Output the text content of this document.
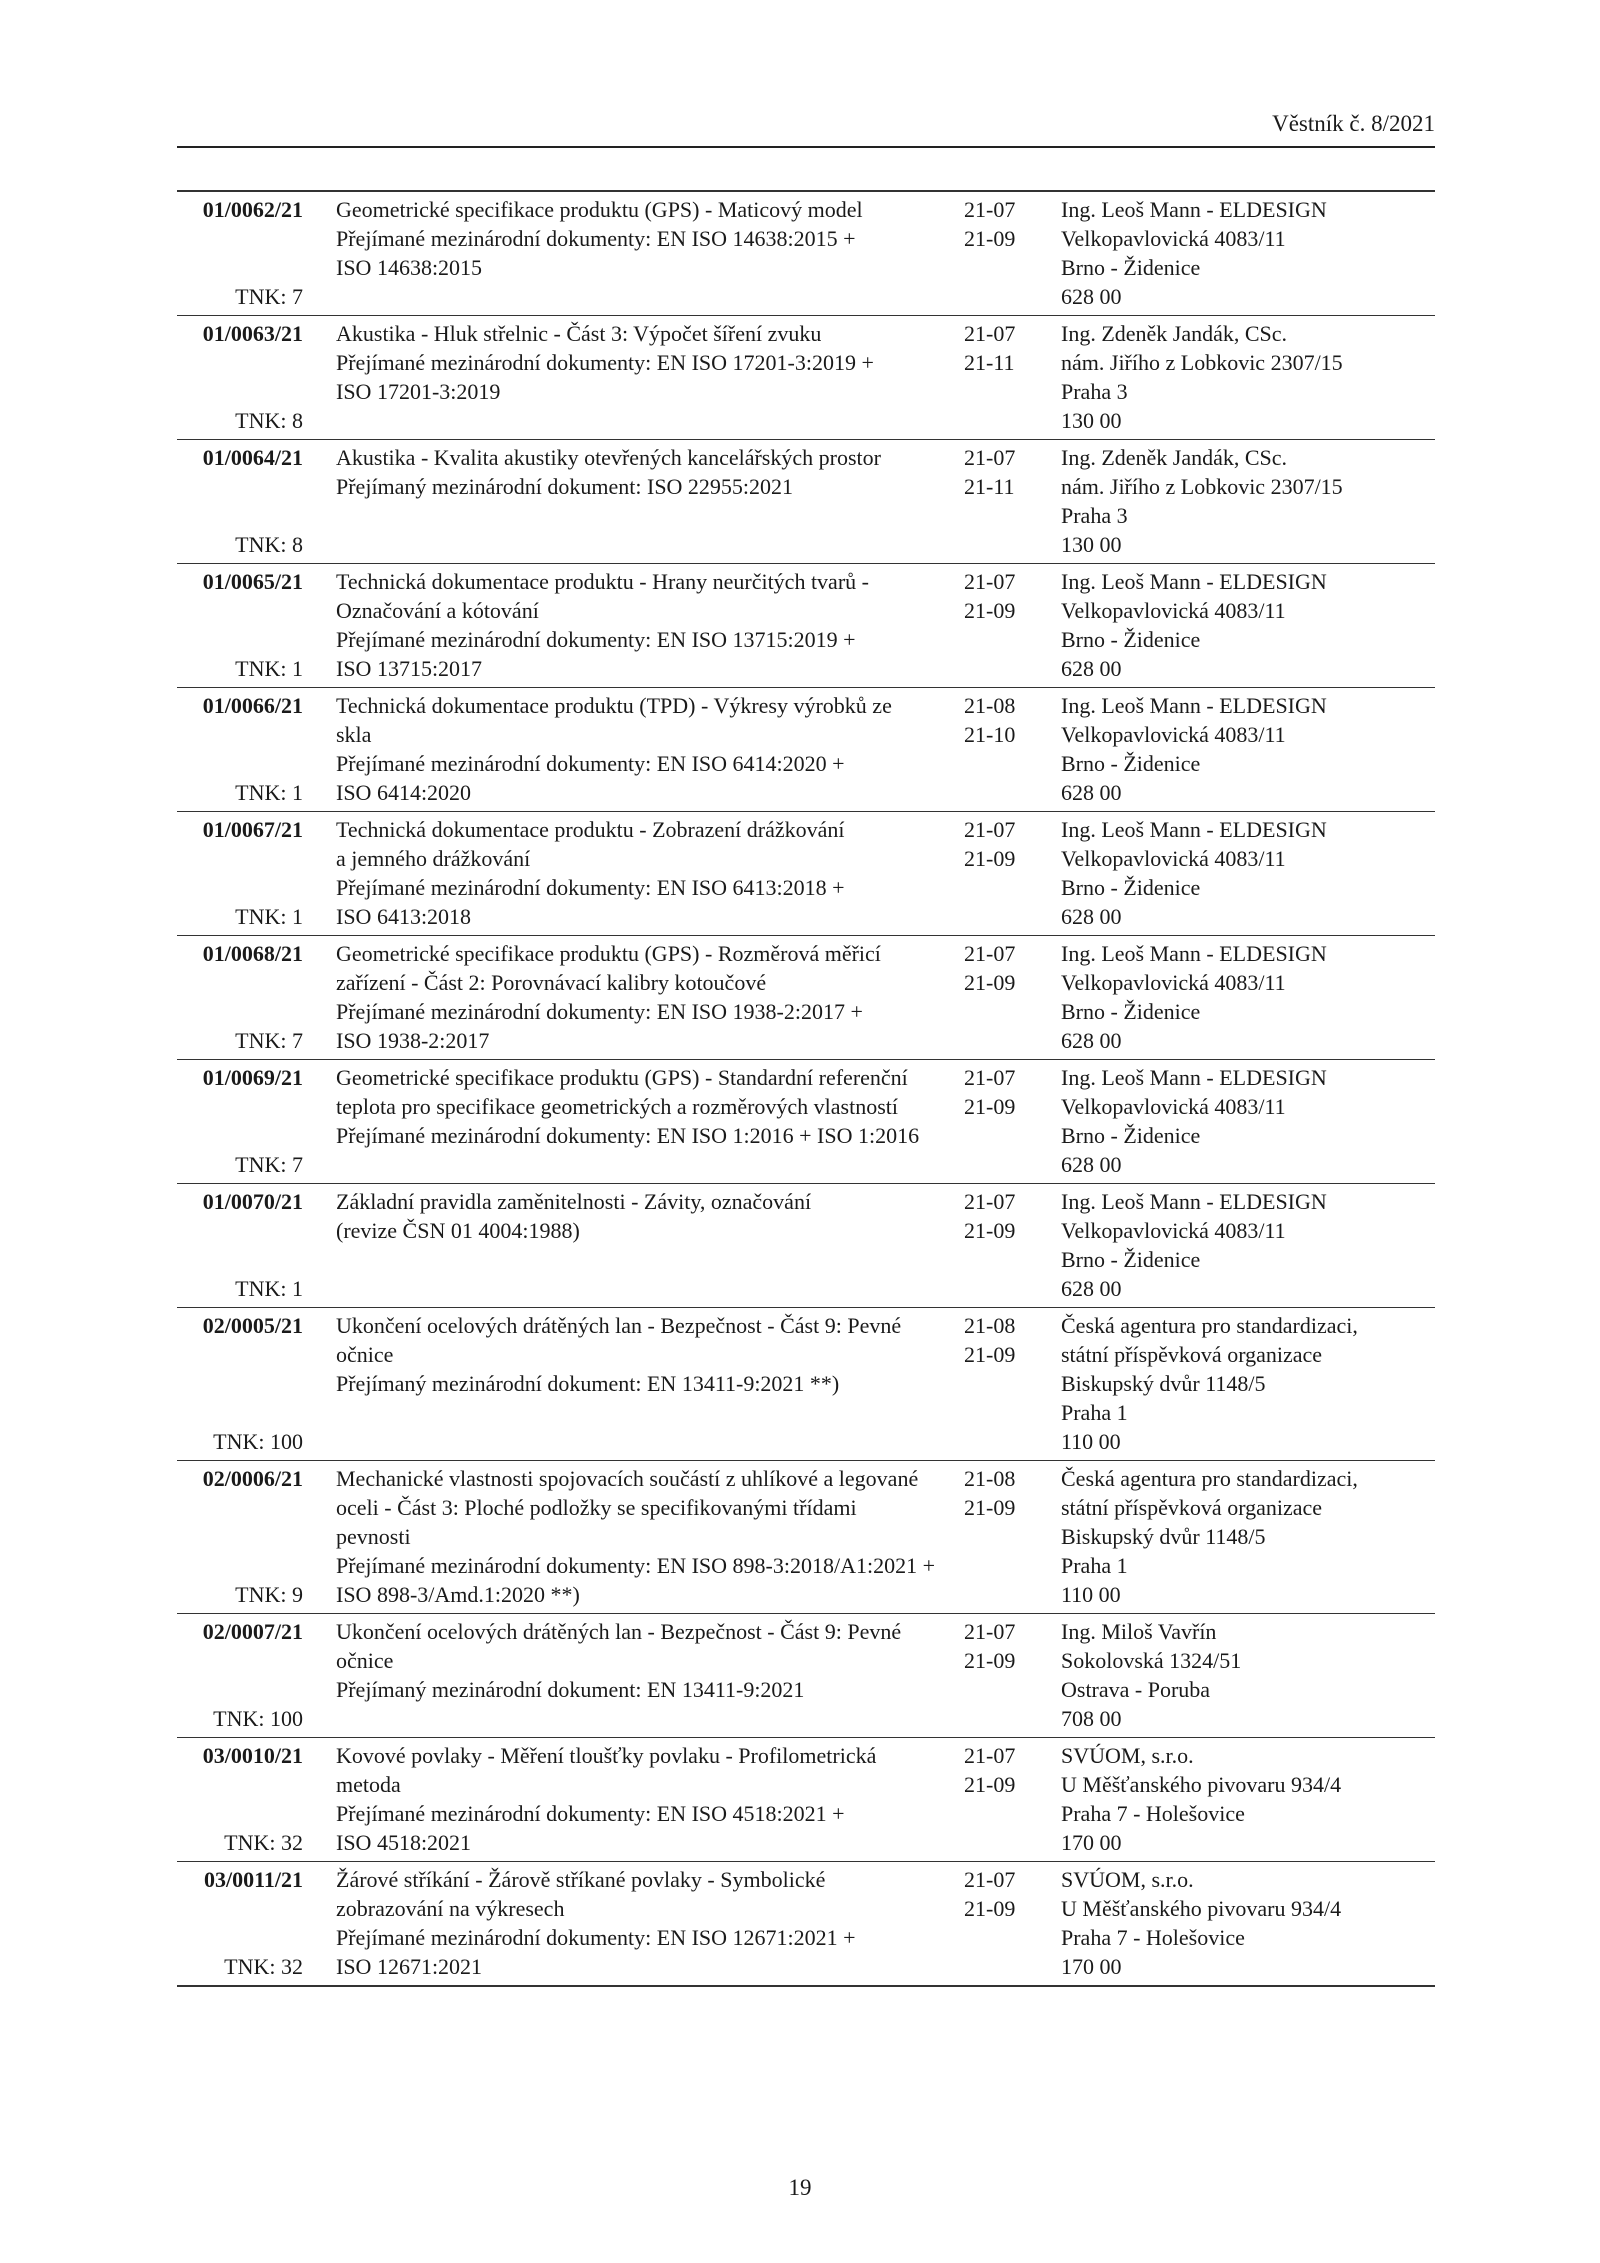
Věstník č. 8/2021
01/0062/21
TNK: 7
Geometrické specifikace produktu (GPS) - Maticový model
Přejímané mezinárodní dokumenty: EN ISO 14638:2015 +
ISO 14638:2015
21-07
21-09
Ing. Leoš Mann - ELDESIGN
Velkopavlovická 4083/11
Brno - Židenice
628 00
01/0063/21
TNK: 8
Akustika - Hluk střelnic - Část 3: Výpočet šíření zvuku
Přejímané mezinárodní dokumenty: EN ISO 17201-3:2019 +
ISO 17201-3:2019
21-07
21-11
Ing. Zdeněk Jandák, CSc.
nám. Jiřího z Lobkovic 2307/15
Praha 3
130 00
01/0064/21
TNK: 8
Akustika - Kvalita akustiky otevřených kancelářských prostor
Přejímaný mezinárodní dokument: ISO 22955:2021
21-07
21-11
Ing. Zdeněk Jandák, CSc.
nám. Jiřího z Lobkovic 2307/15
Praha 3
130 00
01/0065/21
TNK: 1
Technická dokumentace produktu - Hrany neurčitých tvarů -
Označování a kótování
Přejímané mezinárodní dokumenty: EN ISO 13715:2019 +
ISO 13715:2017
21-07
21-09
Ing. Leoš Mann - ELDESIGN
Velkopavlovická 4083/11
Brno - Židenice
628 00
01/0066/21
TNK: 1
Technická dokumentace produktu (TPD) - Výkresy výrobků ze
skla
Přejímané mezinárodní dokumenty: EN ISO 6414:2020 +
ISO 6414:2020
21-08
21-10
Ing. Leoš Mann - ELDESIGN
Velkopavlovická 4083/11
Brno - Židenice
628 00
01/0067/21
TNK: 1
Technická dokumentace produktu - Zobrazení drážkování
a jemného drážkování
Přejímané mezinárodní dokumenty: EN ISO 6413:2018 +
ISO 6413:2018
21-07
21-09
Ing. Leoš Mann - ELDESIGN
Velkopavlovická 4083/11
Brno - Židenice
628 00
01/0068/21
TNK: 7
Geometrické specifikace produktu (GPS) - Rozměrová měřicí
zařízení - Část 2: Porovnávací kalibry kotoučové
Přejímané mezinárodní dokumenty: EN ISO 1938-2:2017 +
ISO 1938-2:2017
21-07
21-09
Ing. Leoš Mann - ELDESIGN
Velkopavlovická 4083/11
Brno - Židenice
628 00
01/0069/21
TNK: 7
Geometrické specifikace produktu (GPS) - Standardní referenční
teplota pro specifikace geometrických a rozměrových vlastností
Přejímané mezinárodní dokumenty: EN ISO 1:2016 + ISO 1:2016
21-07
21-09
Ing. Leoš Mann - ELDESIGN
Velkopavlovická 4083/11
Brno - Židenice
628 00
01/0070/21
TNK: 1
Základní pravidla zaměnitelnosti - Závity, označování
(revize ČSN 01 4004:1988)
21-07
21-09
Ing. Leoš Mann - ELDESIGN
Velkopavlovická 4083/11
Brno - Židenice
628 00
02/0005/21
TNK: 100
Ukončení ocelových drátěných lan - Bezpečnost - Část 9: Pevné
očnice
Přejímaný mezinárodní dokument: EN 13411-9:2021 **)
21-08
21-09
Česká agentura pro standardizaci,
státní příspěvková organizace
Biskupský dvůr 1148/5
Praha 1
110 00
02/0006/21
TNK: 9
Mechanické vlastnosti spojovacích součástí z uhlíkové a legované
oceli - Část 3: Ploché podložky se specifikovanými třídami
pevnosti
Přejímané mezinárodní dokumenty: EN ISO 898-3:2018/A1:2021 +
ISO 898-3/Amd.1:2020 **)
21-08
21-09
Česká agentura pro standardizaci,
státní příspěvková organizace
Biskupský dvůr 1148/5
Praha 1
110 00
02/0007/21
TNK: 100
Ukončení ocelových drátěných lan - Bezpečnost - Část 9: Pevné
očnice
Přejímaný mezinárodní dokument: EN 13411-9:2021
21-07
21-09
Ing. Miloš Vavřín
Sokolovská 1324/51
Ostrava - Poruba
708 00
03/0010/21
TNK: 32
Kovové povlaky - Měření tloušťky povlaku - Profilometrická
metoda
Přejímané mezinárodní dokumenty: EN ISO 4518:2021 +
ISO 4518:2021
21-07
21-09
SVÚOM, s.r.o.
U Měšťanského pivovaru 934/4
Praha 7 - Holešovice
170 00
03/0011/21
TNK: 32
Žárové stříkání - Žárově stříkané povlaky - Symbolické
zobrazování na výkresech
Přejímané mezinárodní dokumenty: EN ISO 12671:2021 +
ISO 12671:2021
21-07
21-09
SVÚOM, s.r.o.
U Měšťanského pivovaru 934/4
Praha 7 - Holešovice
170 00
19
